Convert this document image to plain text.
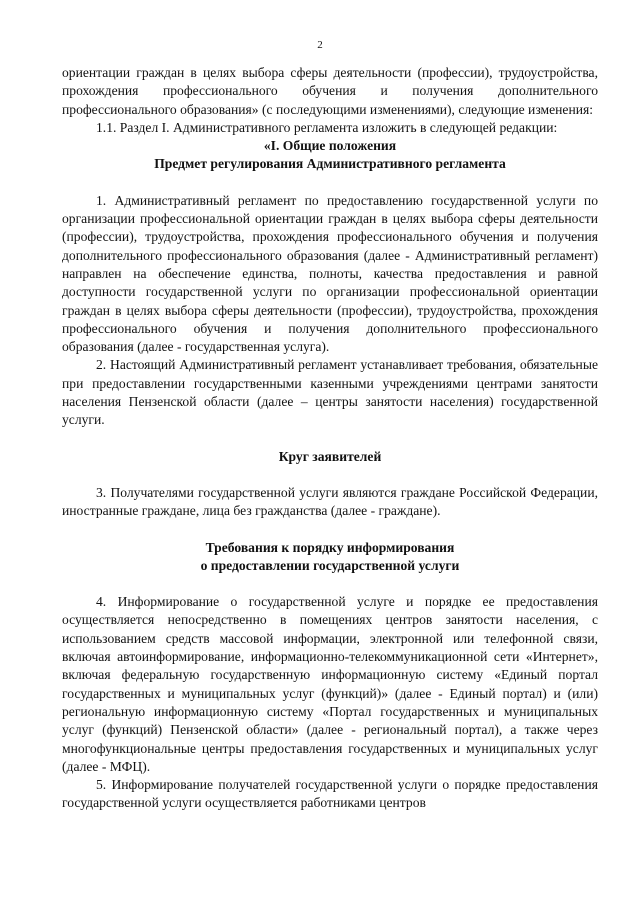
2

ориентации граждан в целях выбора сферы деятельности (профессии), трудоустройства, прохождения профессионального обучения и получения дополнительного профессионального образования» (с последующими изменениями), следующие изменения:

1.1. Раздел I. Административного регламента изложить в следующей редакции:

«I. Общие положения
Предмет регулирования Административного регламента

1. Административный регламент по предоставлению государственной услуги по организации профессиональной ориентации граждан в целях выбора сферы деятельности (профессии), трудоустройства, прохождения профессионального обучения и получения дополнительного профессионального образования (далее - Административный регламент) направлен на обеспечение единства, полноты, качества предоставления и равной доступности государственной услуги по организации профессиональной ориентации граждан в целях выбора сферы деятельности (профессии), трудоустройства, прохождения профессионального обучения и получения дополнительного профессионального образования (далее - государственная услуга).

2. Настоящий Административный регламент устанавливает требования, обязательные при предоставлении государственными казенными учреждениями центрами занятости населения Пензенской области (далее – центры занятости населения) государственной услуги.

Круг заявителей

3. Получателями государственной услуги являются граждане Российской Федерации, иностранные граждане, лица без гражданства (далее - граждане).

Требования к порядку информирования
о предоставлении государственной услуги

4. Информирование о государственной услуге и порядке ее предоставления осуществляется непосредственно в помещениях центров занятости населения, с использованием средств массовой информации, электронной или телефонной связи, включая автоинформирование, информационно-телекоммуникационной сети «Интернет», включая федеральную государственную информационную систему «Единый портал государственных и муниципальных услуг (функций)» (далее - Единый портал) и (или) региональную информационную систему «Портал государственных и муниципальных услуг (функций) Пензенской области» (далее - региональный портал), а также через многофункциональные центры предоставления государственных и муниципальных услуг (далее - МФЦ).

5. Информирование получателей государственной услуги о порядке предоставления государственной услуги осуществляется работниками центров
